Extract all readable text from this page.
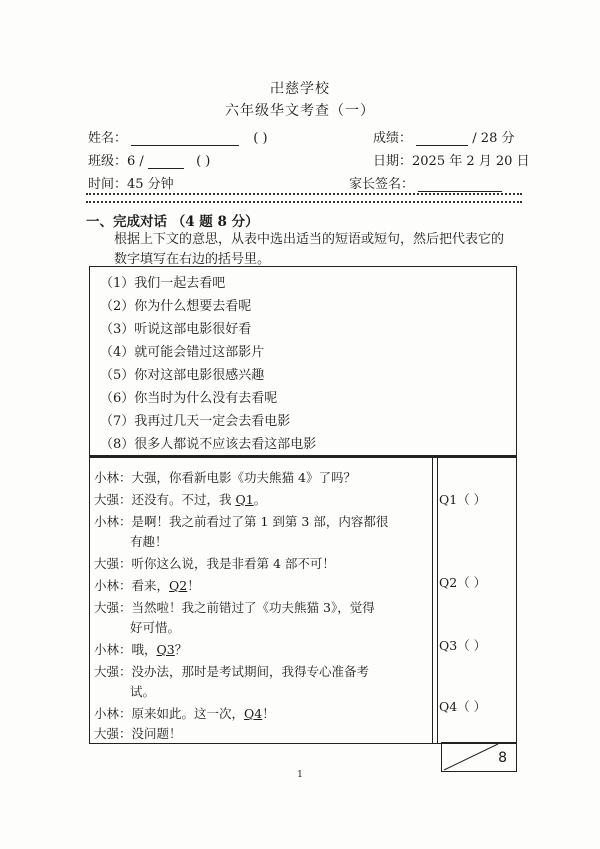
卍慈学校
六年级华文考查（一）
姓名：	( )	成绩：	/ 28 分
班级：6 /	( )	日期：2025 年 2 月 20 日
时间：45 分钟	家长签名：
一、完成对话 （4 题 8 分）
根据上下文的意思，从表中选出适当的短语或短句，然后把代表它的数字填写在右边的括号里。
（1）我们一起去看吧
（2）你为什么想要去看呢
（3）听说这部电影很好看
（4）就可能会错过这部影片
（5）你对这部电影很感兴趣
（6）你当时为什么没有去看呢
（7）我再过几天一定会去看电影
（8）很多人都说不应该去看这部电影
小林：大强，你看新电影《功夫熊猫 4》了吗？
大强：还没有。不过，我 Q1。
小林：是啊！我之前看过了第 1 到第 3 部，内容都很
有趣！
大强：听你这么说，我是非看第 4 部不可！
小林：看来，Q2！
大强：当然啦！我之前错过了《功夫熊猫 3》，觉得
好可惜。
小林：哦，Q3？
大强：没办法，那时是考试期间，我得专心准备考
试。
小林：原来如此。这一次，Q4！
大强：没问题！
Q1（ ）
Q2（ ）
Q3（ ）
Q4（ ）
8
1
